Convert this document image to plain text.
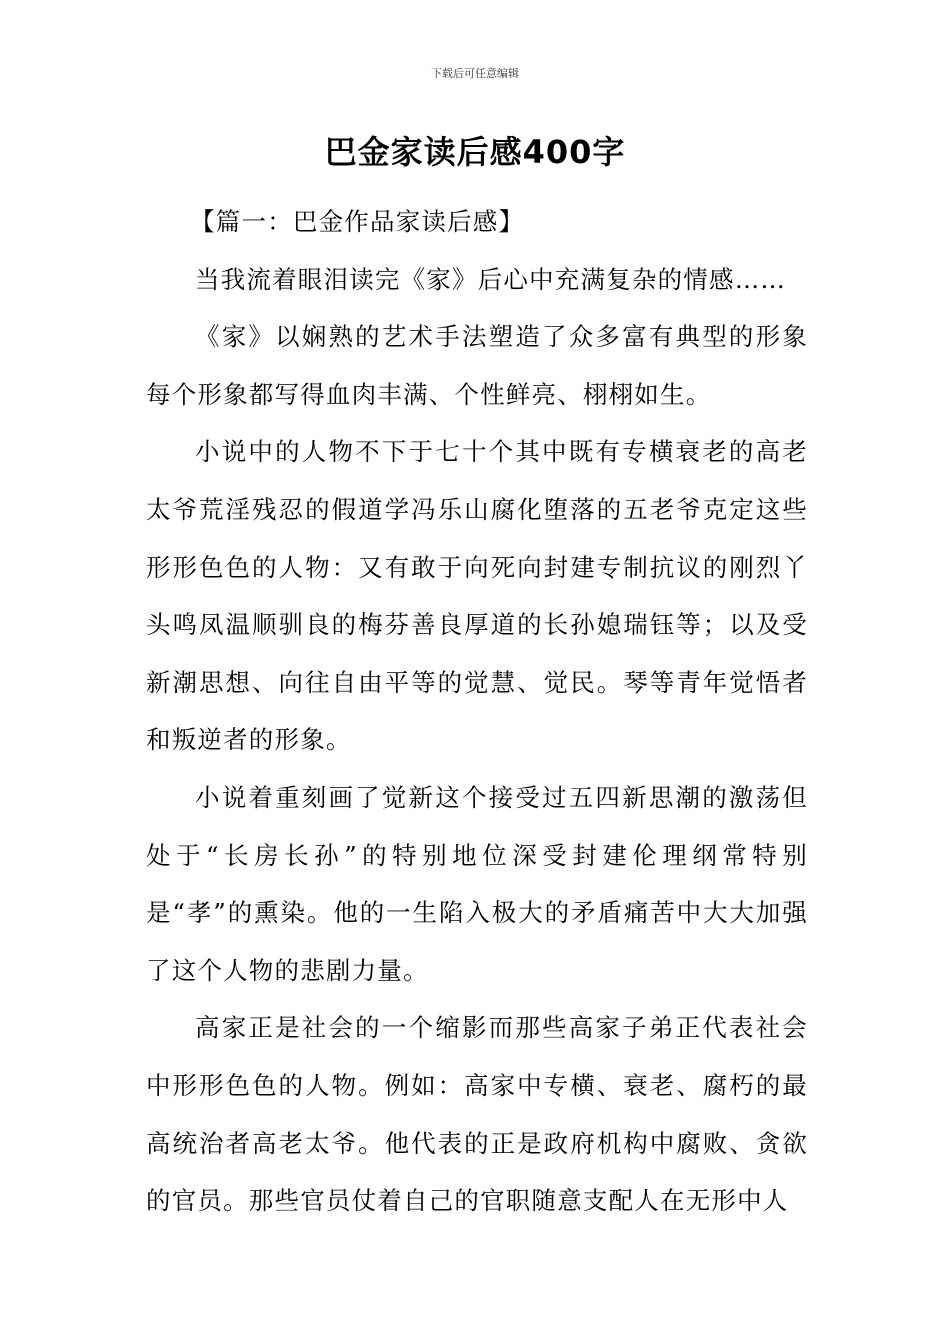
下载后可任意编辑
巴金家读后感400字

【篇一：巴金作品家读后感】

当我流着眼泪读完《家》后心中充满复杂的情感……

《家》以娴熟的艺术手法塑造了众多富有典型的形象每个形象都写得血肉丰满、个性鲜亮、栩栩如生。

小说中的人物不下于七十个其中既有专横衰老的高老太爷荒淫残忍的假道学冯乐山腐化堕落的五老爷克定这些形形色色的人物：又有敢于向死向封建专制抗议的刚烈丫头鸣凤温顺驯良的梅芬善良厚道的长孙媳瑞钰等；以及受新潮思想、向往自由平等的觉慧、觉民。琴等青年觉悟者和叛逆者的形象。

小说着重刻画了觉新这个接受过五四新思潮的激荡但处于“长房长孙”的特别地位深受封建伦理纲常特别是“孝”的熏染。他的一生陷入极大的矛盾痛苦中大大加强了这个人物的悲剧力量。

高家正是社会的一个缩影而那些高家子弟正代表社会中形形色色的人物。例如：高家中专横、衰老、腐朽的最高统治者高老太爷。他代表的正是政府机构中腐败、贪欲的官员。那些官员仗着自己的官职随意支配人在无形中人
